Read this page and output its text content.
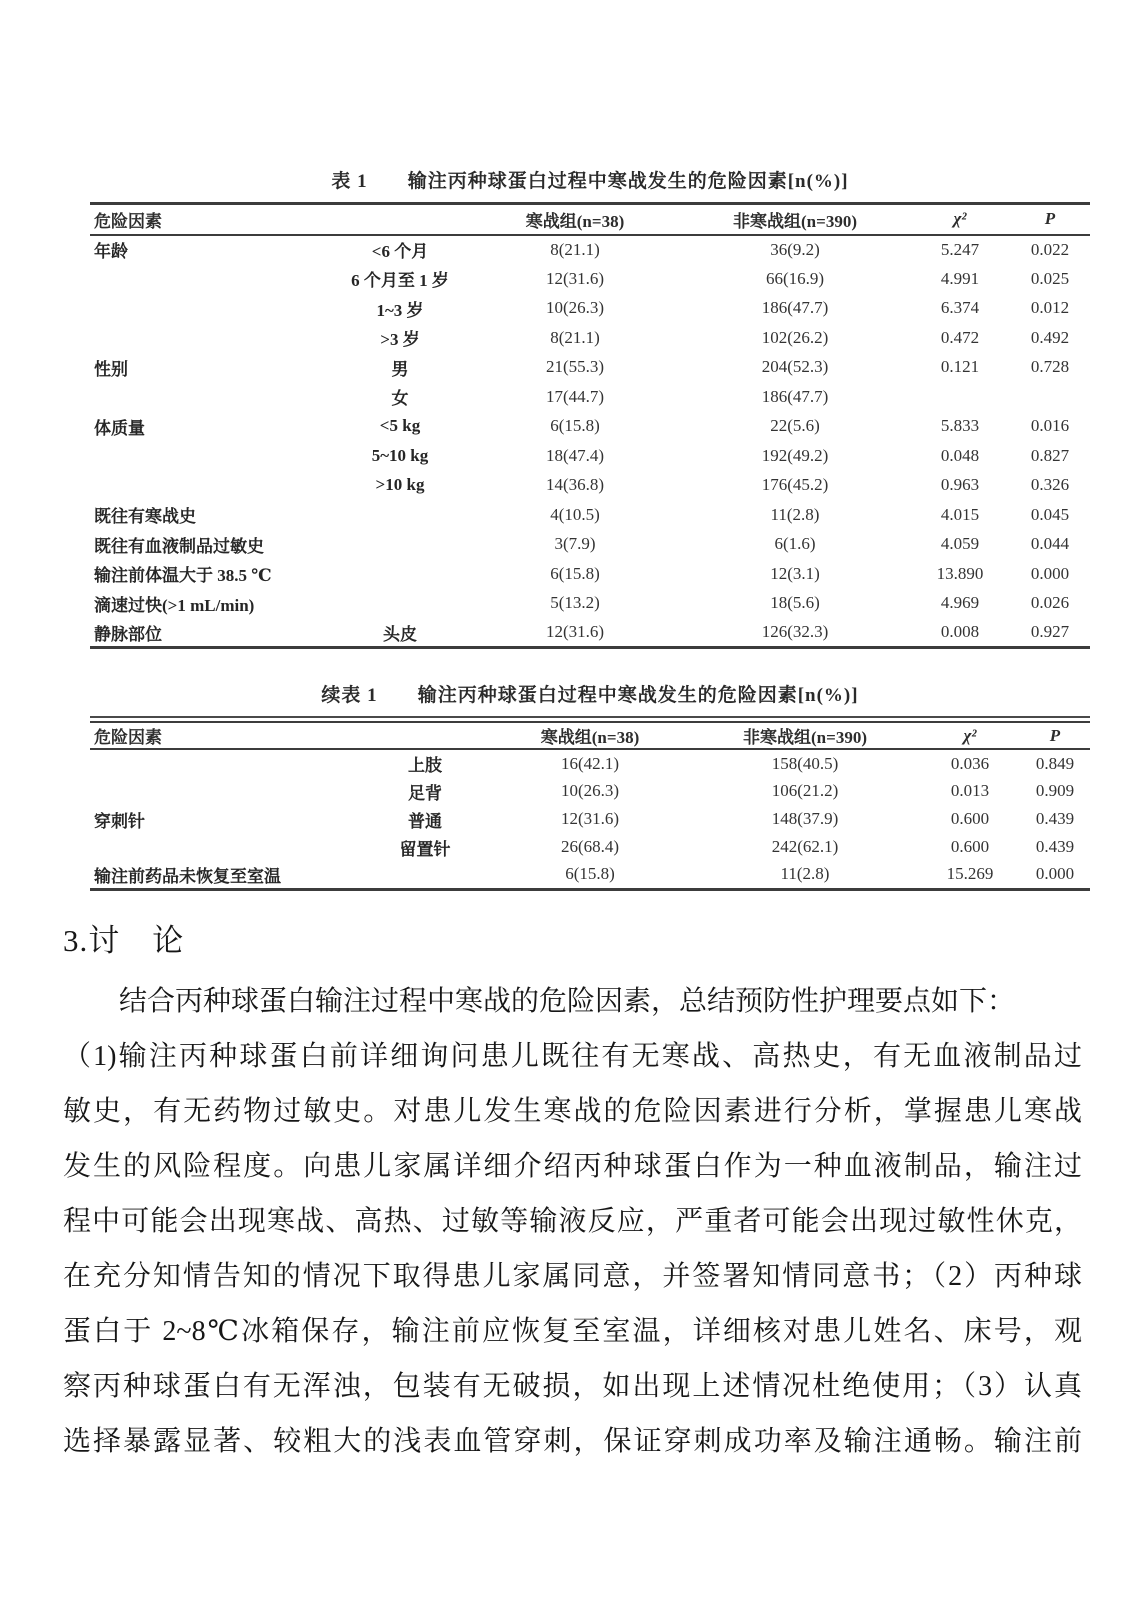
表 1 输注丙种球蛋白过程中寒战发生的危险因素[n(%)]
危险因素		寒战组(n=38)	非寒战组(n=390)	χ²	P
年龄	<6 个月	8(21.1)	36(9.2)	5.247	0.022
	6 个月至 1 岁	12(31.6)	66(16.9)	4.991	0.025
	1~3 岁	10(26.3)	186(47.7)	6.374	0.012
	>3 岁	8(21.1)	102(26.2)	0.472	0.492
性别	男	21(55.3)	204(52.3)	0.121	0.728
	女	17(44.7)	186(47.7)		
体质量	<5 kg	6(15.8)	22(5.6)	5.833	0.016
	5~10 kg	18(47.4)	192(49.2)	0.048	0.827
	>10 kg	14(36.8)	176(45.2)	0.963	0.326
既往有寒战史		4(10.5)	11(2.8)	4.015	0.045
既往有血液制品过敏史		3(7.9)	6(1.6)	4.059	0.044
输注前体温大于 38.5 ℃		6(15.8)	12(3.1)	13.890	0.000
滴速过快(>1 mL/min)		5(13.2)	18(5.6)	4.969	0.026
静脉部位	头皮	12(31.6)	126(32.3)	0.008	0.927
续表 1 输注丙种球蛋白过程中寒战发生的危险因素[n(%)]
危险因素		寒战组(n=38)	非寒战组(n=390)	χ²	P
	上肢	16(42.1)	158(40.5)	0.036	0.849
	足背	10(26.3)	106(21.2)	0.013	0.909
穿刺针	普通	12(31.6)	148(37.9)	0.600	0.439
	留置针	26(68.4)	242(62.1)	0.600	0.439
输注前药品未恢复至室温		6(15.8)	11(2.8)	15.269	0.000
3.讨　论
结合丙种球蛋白输注过程中寒战的危险因素，总结预防性护理要点如下：
（1)输注丙种球蛋白前详细询问患儿既往有无寒战、高热史，有无血液制品过
敏史，有无药物过敏史。对患儿发生寒战的危险因素进行分析，掌握患儿寒战
发生的风险程度。向患儿家属详细介绍丙种球蛋白作为一种血液制品，输注过
程中可能会出现寒战、高热、过敏等输液反应，严重者可能会出现过敏性休克，
在充分知情告知的情况下取得患儿家属同意，并签署知情同意书；（2）丙种球
蛋白于 2~8℃冰箱保存，输注前应恢复至室温，详细核对患儿姓名、床号，观
察丙种球蛋白有无浑浊，包装有无破损，如出现上述情况杜绝使用；（3）认真
选择暴露显著、较粗大的浅表血管穿刺，保证穿刺成功率及输注通畅。输注前
